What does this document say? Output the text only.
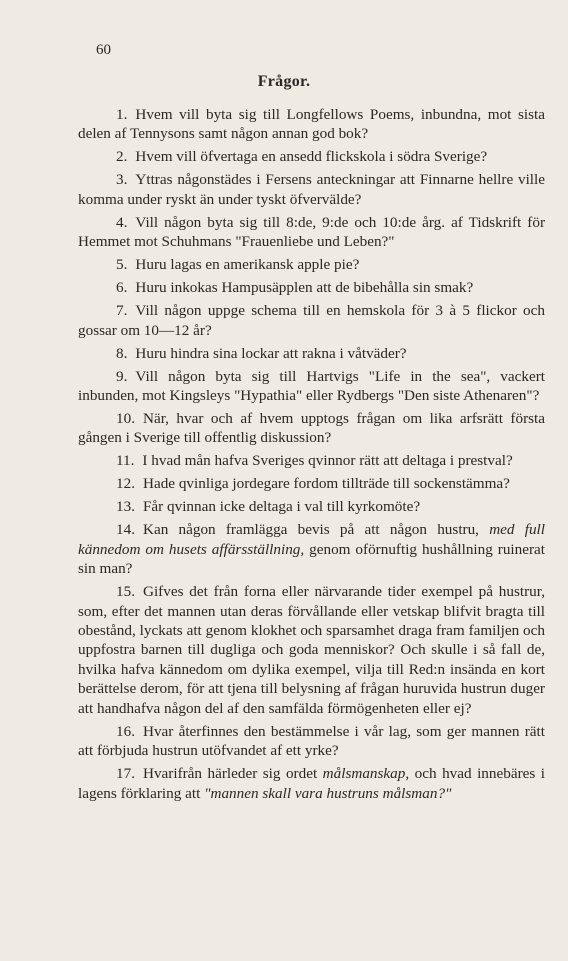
60
Frågor.

1. Hvem vill byta sig till Longfellows Poems, inbundna, mot sista delen af Tennysons samt någon annan god bok?

2. Hvem vill öfvertaga en ansedd flickskola i södra Sverige?

3. Yttras någonstädes i Fersens anteckningar att Finnarne hellre ville komma under ryskt än under tyskt öfvervälde?

4. Vill någon byta sig till 8:de, 9:de och 10:de årg. af Tidskrift för Hemmet mot Schuhmans "Frauenliebe und Leben?"

5. Huru lagas en amerikansk apple pie?

6. Huru inkokas Hampusäpplen att de bibehålla sin smak?

7. Vill någon uppge schema till en hemskola för 3 à 5 flickor och gossar om 10—12 år?

8. Huru hindra sina lockar att rakna i våtväder?

9. Vill någon byta sig till Hartvigs "Life in the sea", vackert inbunden, mot Kingsleys "Hypathia" eller Rydbergs "Den siste Athenaren"?

10. När, hvar och af hvem upptogs frågan om lika arfsrätt första gången i Sverige till offentlig diskussion?

11. I hvad mån hafva Sveriges qvinnor rätt att deltaga i prestval?

12. Hade qvinliga jordegare fordom tillträde till sockenstämma?

13. Får qvinnan icke deltaga i val till kyrkomöte?

14. Kan någon framlägga bevis på att någon hustru, med full kännedom om husets affärsställning, genom oförnuftig hushållning ruinerat sin man?

15. Gifves det från forna eller närvarande tider exempel på hustrur, som, efter det mannen utan deras förvållande eller vetskap blifvit bragta till obestånd, lyckats att genom klokhet och sparsamhet draga fram familjen och uppfostra barnen till dugliga och goda menniskor? Och skulle i så fall de, hvilka hafva kännedom om dylika exempel, vilja till Red:n insända en kort berättelse derom, för att tjena till belysning af frågan huruvida hustrun duger att handhafva någon del af den samfälda förmögenheten eller ej?

16. Hvar återfinnes den bestämmelse i vår lag, som ger mannen rätt att förbjuda hustrun utöfvandet af ett yrke?

17. Hvarifrån härleder sig ordet målsmanskap, och hvad innebäres i lagens förklaring att "mannen skall vara hustruns målsman?"
